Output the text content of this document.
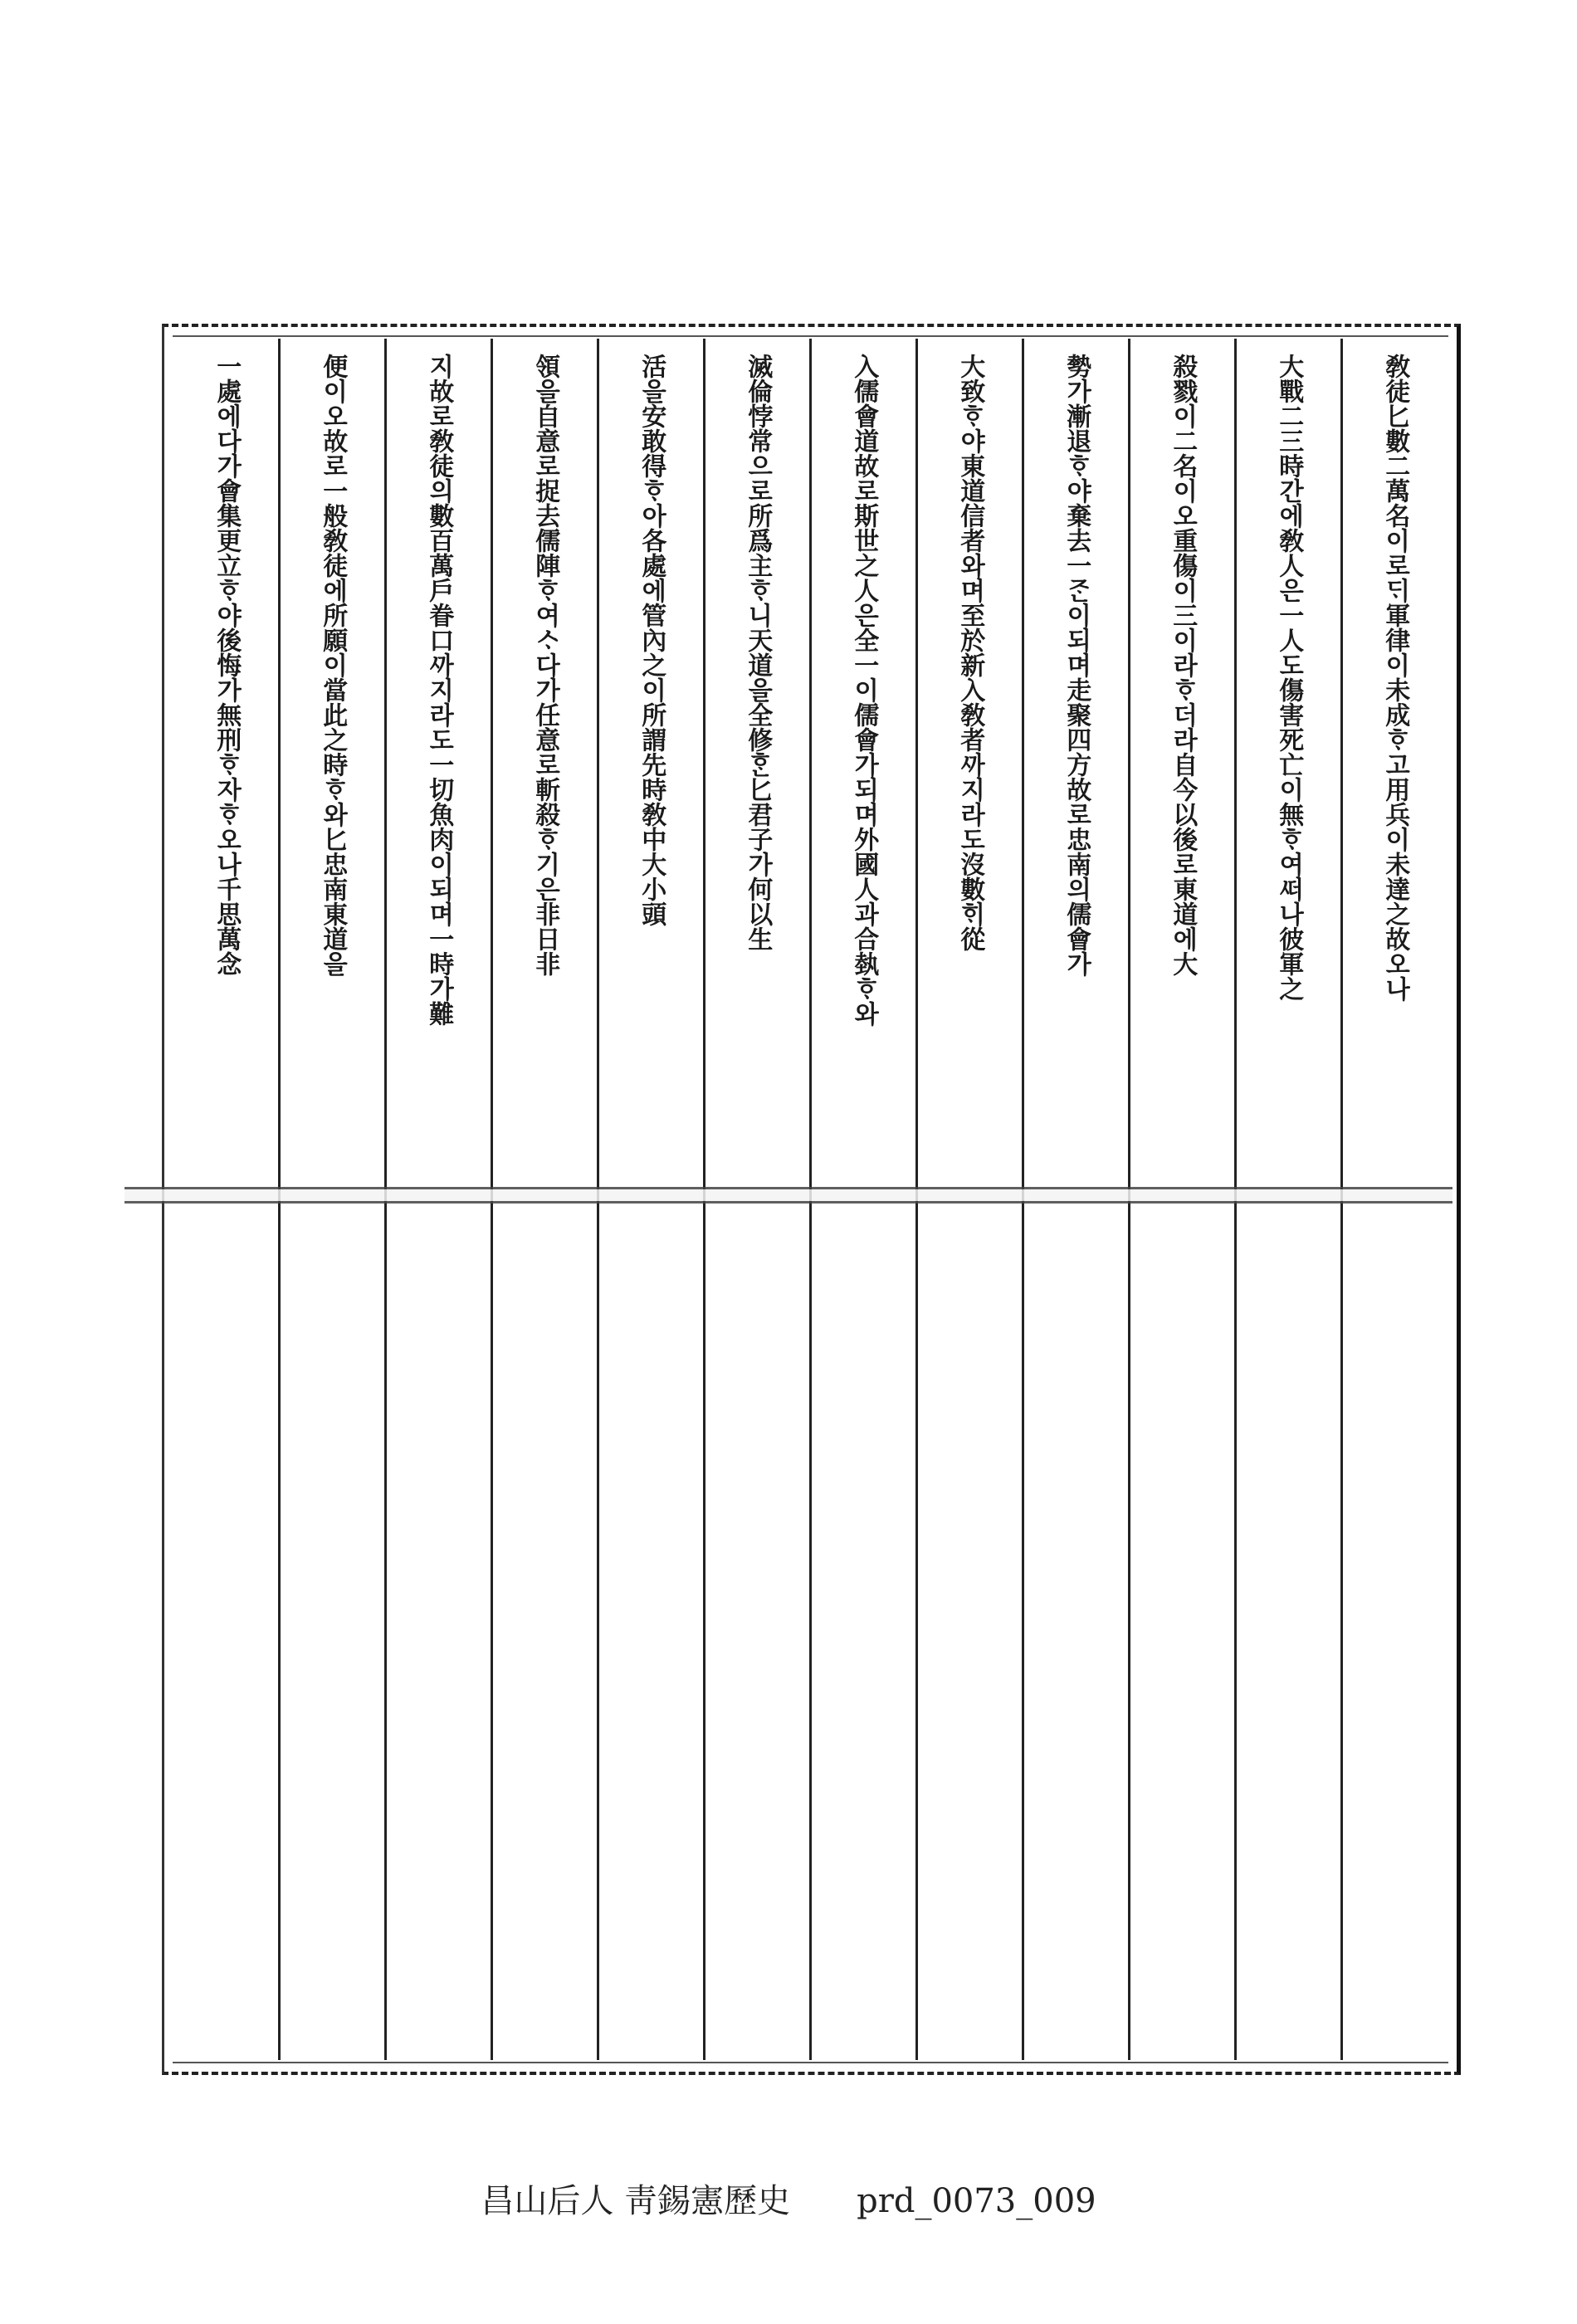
敎徒匕數二萬名이로ᄃᆡ軍律이未成ᄒᆞ고用兵이未達之故오나
大戰二三時간에敎人은一人도傷害死亡이無ᄒᆞ여ᄯᅥ나彼軍之
殺戮이二名이오重傷이三이라ᄒᆞ더라自今以後로東道에大
勢가漸退ᄒᆞ야棄去一ᄌᆞᆫ이되며走聚四方故로忠南의儒會가
大致ᄒᆞ야東道信者와며至於新入敎者ᄭᅡ지라도沒數ᄒᆡ從
入儒會道故로斯世之人은全一이儒會가되며外國人과合埶ᄒᆞ와
滅倫悖常으로所爲主ᄒᆞ니天道을全修ᄒᆞᆫ匕君子가何以生
活을安敢得ᄒᆞ아各處에管內之이所謂先時敎中大小頭
領을自意로捉去儒陣ᄒᆞ여ᄉᆞ다가任意로斬殺ᄒᆞ기은非日非
지故로敎徒의數百萬戶眷口ᄭᅡ지라도一切魚肉이되며一時가難
便이오故로一般敎徒에所願이當此之時ᄒᆞ와匕忠南東道을
一處에다가會集更立ᄒᆞ야後悔가無刑ᄒᆞ자ᄒᆞ오나千思萬念
昌山后人 靑錫憲歷史 prd_0073_009
